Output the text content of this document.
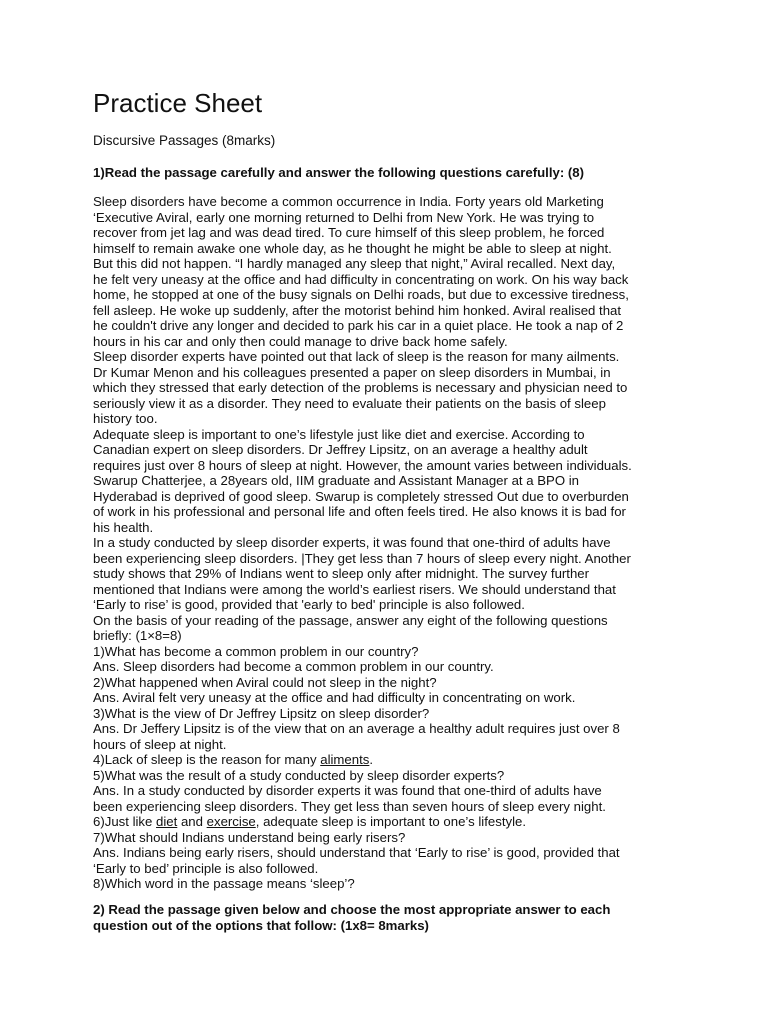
Practice Sheet

Discursive Passages (8marks)

1)Read the passage carefully and answer the following questions carefully: (8)

Sleep disorders have become a common occurrence in India. Forty years old Marketing

‘Executive Aviral, early one morning returned to Delhi from New York. He was trying to

recover from jet lag and was dead tired. To cure himself of this sleep problem, he forced

himself to remain awake one whole day, as he thought he might be able to sleep at night.

But this did not happen. “I hardly managed any sleep that night,” Aviral recalled. Next day,

he felt very uneasy at the office and had difficulty in concentrating on work. On his way back

home, he stopped at one of the busy signals on Delhi roads, but due to excessive tiredness,

fell asleep. He woke up suddenly, after the motorist behind him honked. Aviral realised that

he couldn't drive any longer and decided to park his car in a quiet place. He took a nap of 2

hours in his car and only then could manage to drive back home safely.

Sleep disorder experts have pointed out that lack of sleep is the reason for many ailments.

Dr Kumar Menon and his colleagues presented a paper on sleep disorders in Mumbai, in

which they stressed that early detection of the problems is necessary and physician need to

seriously view it as a disorder. They need to evaluate their patients on the basis of sleep

history too.

Adequate sleep is important to one’s lifestyle just like diet and exercise. According to

Canadian expert on sleep disorders. Dr Jeffrey Lipsitz, on an average a healthy adult

requires just over 8 hours of sleep at night. However, the amount varies between individuals.

Swarup Chatterjee, a 28years old, IIM graduate and Assistant Manager at a BPO in

Hyderabad is deprived of good sleep. Swarup is completely stressed Out due to overburden

of work in his professional and personal life and often feels tired. He also knows it is bad for

his health.

In a study conducted by sleep disorder experts, it was found that one-third of adults have

been experiencing sleep disorders. |They get less than 7 hours of sleep every night. Another

study shows that 29% of Indians went to sleep only after midnight. The survey further

mentioned that Indians were among the world’s earliest risers. We should understand that

‘Early to rise’ is good, provided that 'early to bed' principle is also followed.

On the basis of your reading of the passage, answer any eight of the following questions

briefly: (1×8=8)

1)What has become a common problem in our country?

Ans. Sleep disorders had become a common problem in our country.

2)What happened when Aviral could not sleep in the night?

Ans. Aviral felt very uneasy at the office and had difficulty in concentrating on work.

3)What is the view of Dr Jeffrey Lipsitz on sleep disorder?

Ans. Dr Jeffery Lipsitz is of the view that on an average a healthy adult requires just over 8

hours of sleep at night.

4)Lack of sleep is the reason for many aliments.

5)What was the result of a study conducted by sleep disorder experts?

Ans. In a study conducted by disorder experts it was found that one-third of adults have

been experiencing sleep disorders. They get less than seven hours of sleep every night.

6)Just like diet and exercise, adequate sleep is important to one’s lifestyle.

7)What should Indians understand being early risers?

Ans. Indians being early risers, should understand that ‘Early to rise’ is good, provided that

‘Early to bed’ principle is also followed.

8)Which word in the passage means ‘sleep’?

2) Read the passage given below and choose the most appropriate answer to each
question out of the options that follow: (1x8= 8marks)
